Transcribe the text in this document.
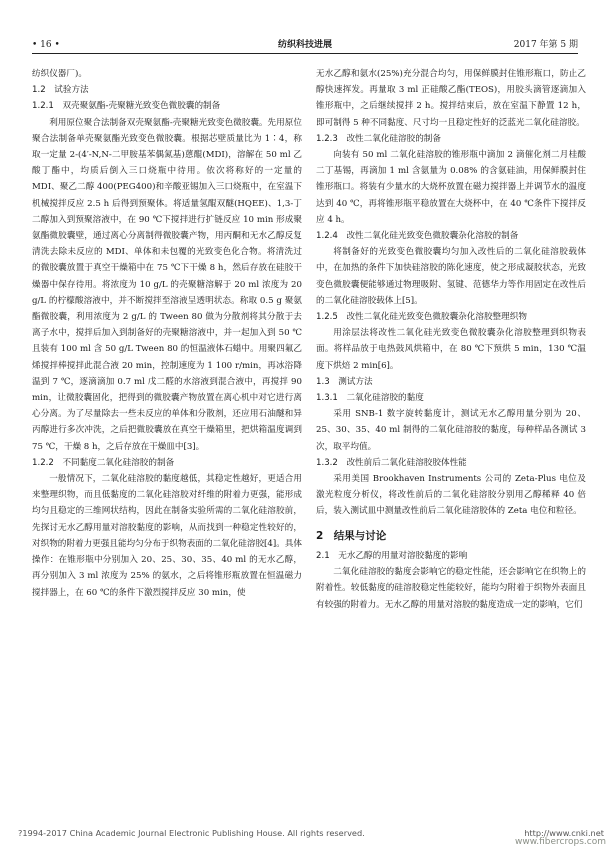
• 16 •	纺织科技进展	2017 年第 5 期

纺织仪器厂)。

1.2　试验方法
1.2.1　双壳聚氨酯-壳聚糖光致变色微胶囊的制备

利用原位聚合法制备双壳聚氨酯-壳聚糖光致变色微胶囊。先用原位聚合法制备单壳聚氨酯光致变色微胶囊。根据芯壁质量比为 1∶4，称取一定量 2-(4′-N,N-二甲胺基苯偶氮基)蒽醌(MDI)，溶解在 50 ml 乙酸丁酯中，均质后倒入三口烧瓶中待用。依次将称好的一定量的 MDI、聚乙二醇 400(PEG400)和辛酸亚锡加入三口烧瓶中，在室温下机械搅拌反应 2.5 h 后得到预聚体。将适量氢醌双醚(HQEE)、1,3-丁二醇加入到预聚溶液中，在 90 ℃下搅拌进行扩链反应 10 min 形成聚氨酯微胶囊壁，通过离心分离制得微胶囊产物，用丙酮和无水乙醇反复清洗去除未反应的 MDI、单体和未包覆的光致变色化合物。将清洗过的微胶囊放置于真空干燥箱中在 75 ℃下干燥 8 h，然后存放在硅胶干燥器中保存待用。将浓度为 10 g/L 的壳聚糖溶解于 20 ml 浓度为 20 g/L 的柠檬酸溶液中，并不断搅拌至溶液呈透明状态。称取 0.5 g 聚氨酯微胶囊，利用浓度为 2 g/L 的 Tween 80 做为分散剂将其分散于去离子水中，搅拌后加入到制备好的壳聚糖溶液中，并一起加入到 50 ℃且装有 100 ml 含 50 g/L Tween 80 的恒温液体石蜡中。用聚四氟乙烯搅拌棒搅拌此混合液 20 min，控制速度为 1 100 r/min，再冰浴降温到 7 ℃，逐滴滴加 0.7 ml 戊二醛的水溶液到混合液中，再搅拌 90 min，让微胶囊固化，把得到的微胶囊产物放置在离心机中对它进行离心分离。为了尽量除去一些未反应的单体和分散剂，还应用石油醚和异丙醇进行多次冲洗，之后把微胶囊放在真空干燥箱里，把烘箱温度调到 75 ℃，干燥 8 h，之后存放在干燥皿中[3]。

1.2.2　不同黏度二氧化硅溶胶的制备

一般情况下，二氧化硅溶胶的黏度越低，其稳定性越好，更适合用来整理织物，而且低黏度的二氧化硅溶胶对纤维的附着力更强，能形成均匀且稳定的三维网状结构，因此在制备实验所需的二氧化硅溶胶前，先探讨无水乙醇用量对溶胶黏度的影响，从而找到一种稳定性较好的，对织物的附着力更强且能均匀分布于织物表面的二氧化硅溶胶[4]。具体操作：在锥形瓶中分别加入 20、25、30、35、40 ml 的无水乙醇，再分别加入 3 ml 浓度为 25% 的氨水，之后将锥形瓶放置在恒温磁力搅拌器上，在 60 ℃的条件下激烈搅拌反应 30 min，使

无水乙醇和氨水(25%)充分混合均匀，用保鲜膜封住锥形瓶口，防止乙醇快速挥发。再量取 3 ml 正硅酸乙酯(TEOS)，用胶头滴管逐滴加入锥形瓶中，之后继续搅拌 2 h。搅拌结束后，放在室温下静置 12 h，即可制得 5 种不同黏度、尺寸均一且稳定性好的泛蓝光二氧化硅溶胶。

1.2.3　改性二氧化硅溶胶的制备

向装有 50 ml 二氧化硅溶胶的锥形瓶中滴加 2 滴催化剂二月桂酸二丁基锡，再滴加 1 ml 含氨量为 0.08% 的含氨硅油，用保鲜膜封住锥形瓶口。将装有少量水的大烧杯放置在磁力搅拌器上并调节水的温度达到 40 ℃，再将锥形瓶平稳放置在大烧杯中，在 40 ℃条件下搅拌反应 4 h。

1.2.4　改性二氧化硅光致变色微胶囊杂化溶胶的制备

将制备好的光致变色微胶囊均匀加入改性后的二氧化硅溶胶载体中，在加热的条件下加快硅溶胶的陈化速度，使之形成凝胶状态，光致变色微胶囊便能够通过物理吸附、氢键、范德华力等作用固定在改性后的二氧化硅溶胶载体上[5]。

1.2.5　改性二氧化硅光致变色微胶囊杂化溶胶整理织物

用涂层法将改性二氧化硅光致变色微胶囊杂化溶胶整理到织物表面。将样品放于电热鼓风烘箱中，在 80 ℃下预烘 5 min，130 ℃温度下烘焙 2 min[6]。

1.3　测试方法
1.3.1　二氧化硅溶胶的黏度

采用 SNB-1 数字旋转黏度计，测试无水乙醇用量分别为 20、25、30、35、40 ml 制得的二氧化硅溶胶的黏度，每种样品各测试 3 次，取平均值。

1.3.2　改性前后二氧化硅溶胶胶体性能

采用美国 Brookhaven Instruments 公司的 Zeta-Plus 电位及激光粒度分析仪，将改性前后的二氧化硅溶胶分别用乙醇稀释 40 倍后，装入测试皿中测量改性前后二氧化硅溶胶体的 Zeta 电位和粒径。

2　结果与讨论
2.1　无水乙醇的用量对溶胶黏度的影响

二氧化硅溶胶的黏度会影响它的稳定性能，还会影响它在织物上的附着性。较低黏度的硅溶胶稳定性能较好，能均匀附着于织物外表面且有较强的附着力。无水乙醇的用量对溶胶的黏度造成一定的影响，它们

?1994-2017 China Academic Journal Electronic Publishing House. All rights reserved.	http://www.cnki.net
www.fibercrops.com
